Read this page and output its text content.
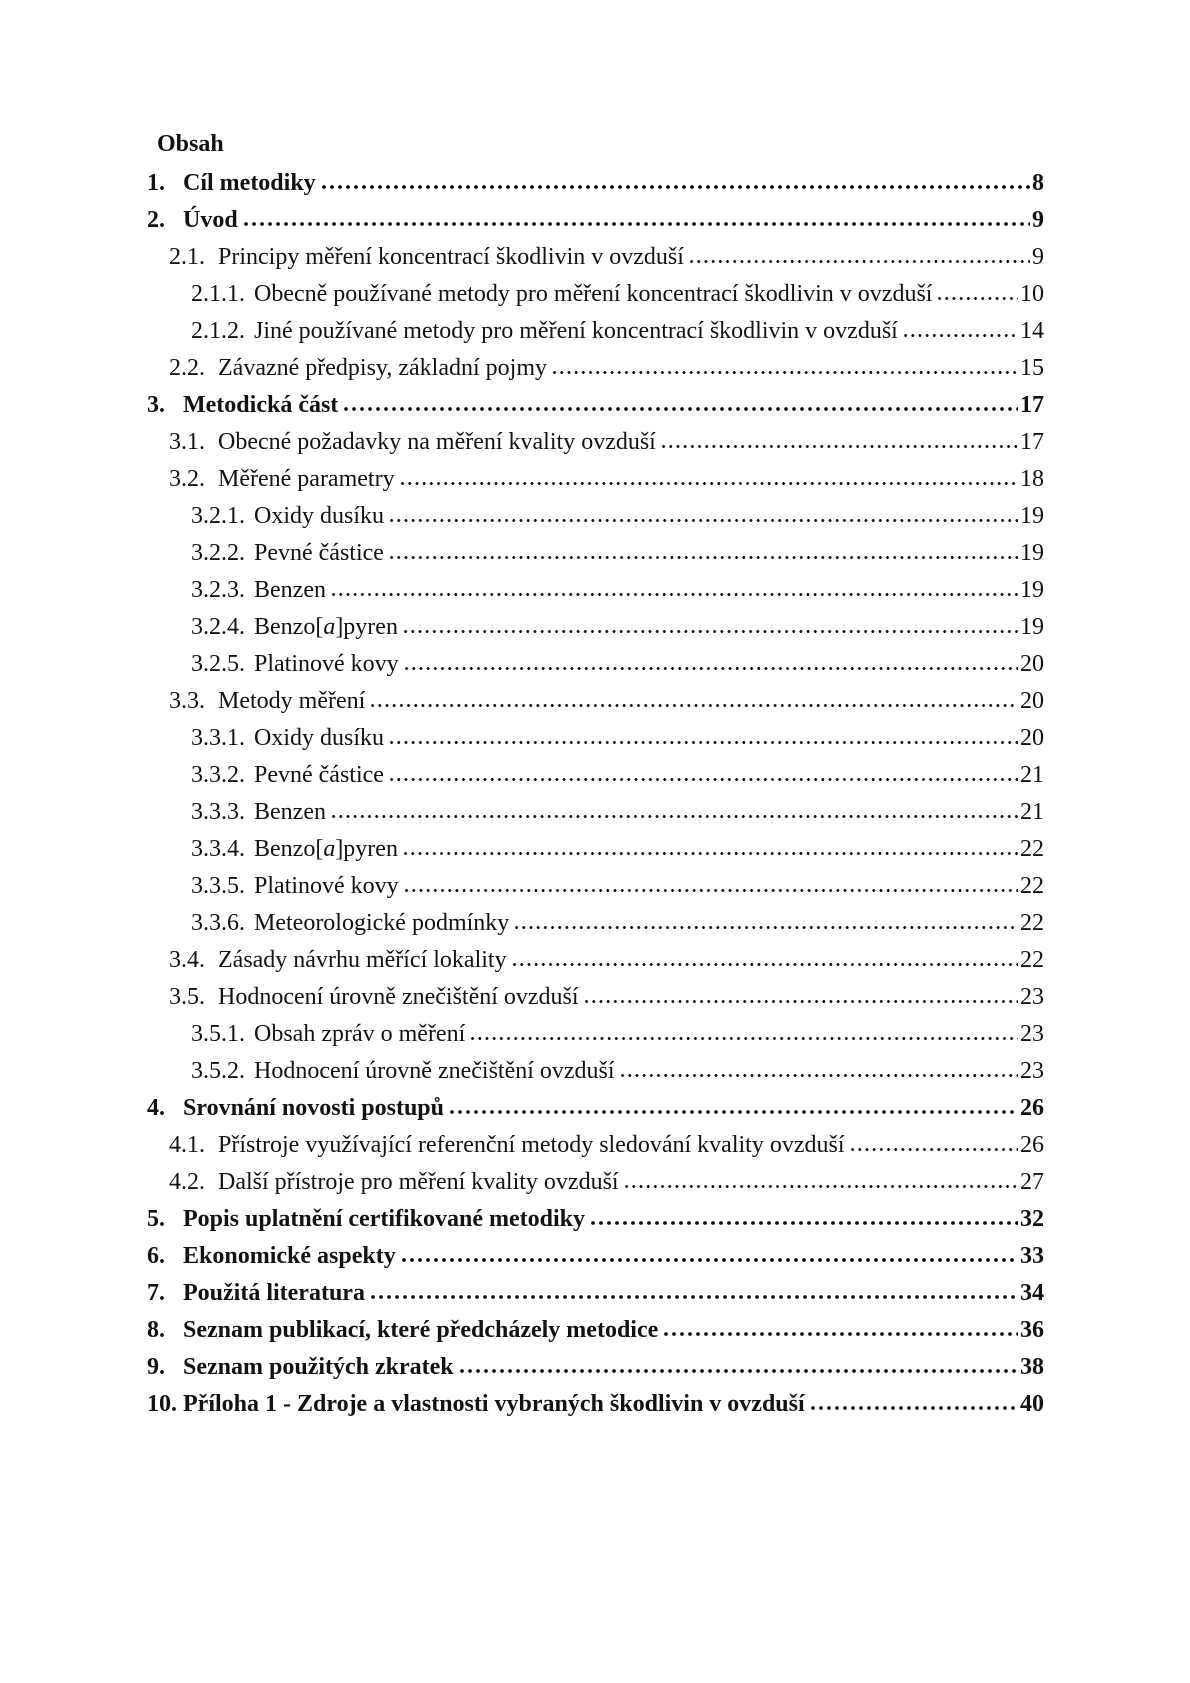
Obsah
1. Cíl metodiky	8
2. Úvod	9
2.1. Principy měření koncentrací škodlivin v ovzduší	9
2.1.1. Obecně používané metody pro měření koncentrací škodlivin v ovzduší	10
2.1.2. Jiné používané metody pro měření koncentrací škodlivin v ovzduší	14
2.2. Závazné předpisy, základní pojmy	15
3. Metodická část	17
3.1. Obecné požadavky na měření kvality ovzduší	17
3.2. Měřené parametry	18
3.2.1. Oxidy dusíku	19
3.2.2. Pevné částice	19
3.2.3. Benzen	19
3.2.4. Benzo[a]pyren	19
3.2.5. Platinové kovy	20
3.3. Metody měření	20
3.3.1. Oxidy dusíku	20
3.3.2. Pevné částice	21
3.3.3. Benzen	21
3.3.4. Benzo[a]pyren	22
3.3.5. Platinové kovy	22
3.3.6. Meteorologické podmínky	22
3.4. Zásady návrhu měřící lokality	22
3.5. Hodnocení úrovně znečištění ovzduší	23
3.5.1. Obsah zpráv o měření	23
3.5.2. Hodnocení úrovně znečištění ovzduší	23
4. Srovnání novosti postupů	26
4.1. Přístroje využívající referenční metody sledování kvality ovzduší	26
4.2. Další přístroje pro měření kvality ovzduší	27
5. Popis uplatnění certifikované metodiky	32
6. Ekonomické aspekty	33
7. Použitá literatura	34
8. Seznam publikací, které předcházely metodice	36
9. Seznam použitých zkratek	38
10. Příloha 1 - Zdroje a vlastnosti vybraných škodlivin v ovzduší	40
